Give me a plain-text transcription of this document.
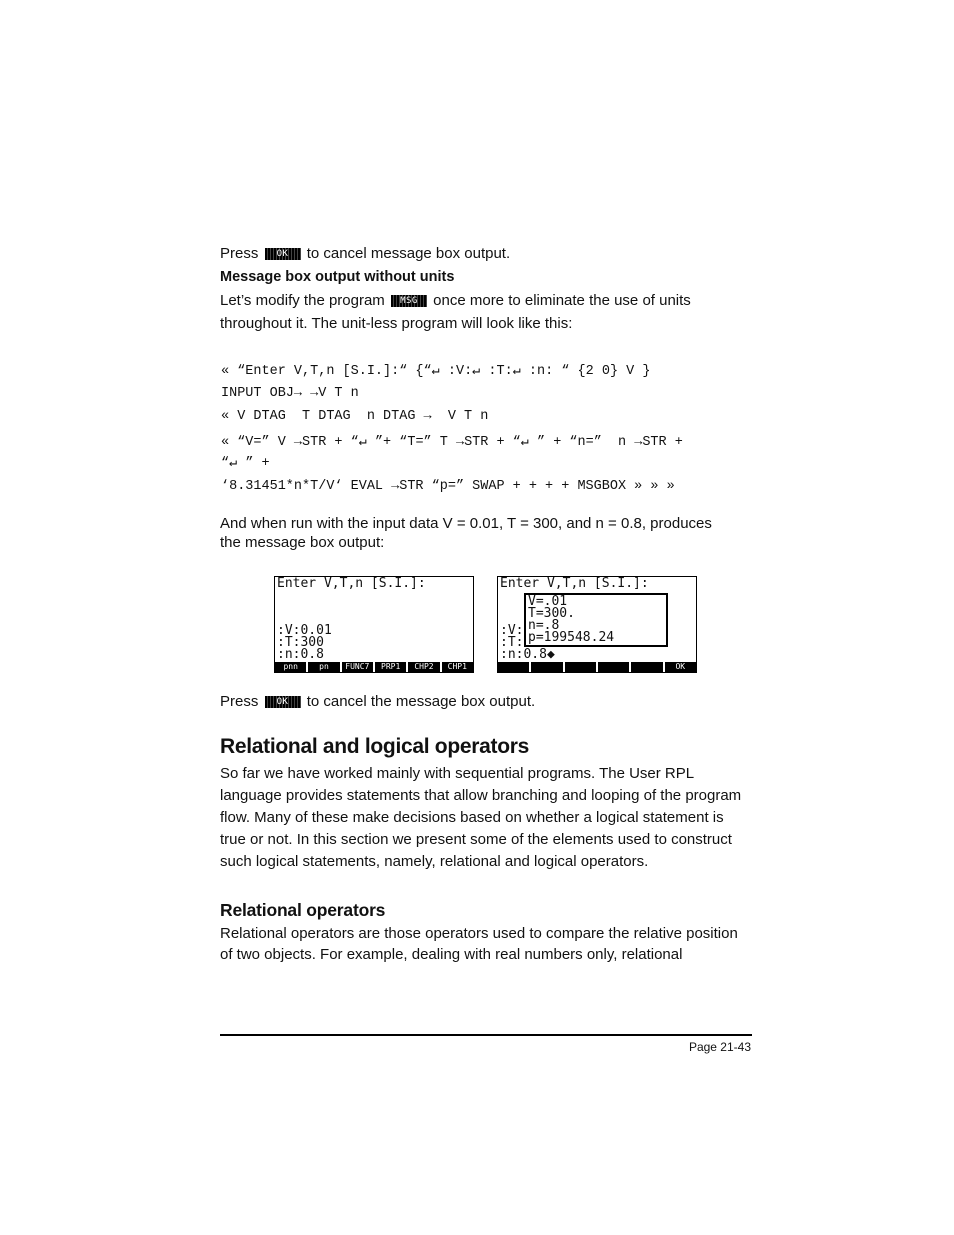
Press OK to cancel message box output.
Message box output without units
Let’s modify the program MSG once more to eliminate the use of units
throughout it. The unit-less program will look like this:

« “Enter V,T,n [S.I.]:“ {“↵ :V:↵ :T:↵ :n: “ {2 0} V }

INPUT OBJ→ →V T n

« V DTAG  T DTAG  n DTAG →  V T n

« “V=” V →STR + “↵ ”+ “T=” T →STR + “↵ ” + “n=”  n →STR +

“↵ ” +

‘8.31451*n*T/V‘ EVAL →STR “p=” SWAP + + + + MSGBOX » » »

And when run with the input data V = 0.01, T = 300, and n = 0.8, produces
the message box output:
Enter V,T,n [S.I.]:
:V:0.01
:T:300
:n:0.8
pnn	pn	FUNC7	PRP1	CHP2	CHP1
Enter V,T,n [S.I.]:
:V:
:T:
:n:0.8◆
V=.01
T=300.
n=.8
p=199548.24
OK
Press OK to cancel the message box output.
Relational and logical operators
So far we have worked mainly with sequential programs. The User RPL
language provides statements that allow branching and looping of the program
flow. Many of these make decisions based on whether a logical statement is
true or not. In this section we present some of the elements used to construct
such logical statements, namely, relational and logical operators.
Relational operators
Relational operators are those operators used to compare the relative position
of two objects. For example, dealing with real numbers only, relational
Page 21-43
